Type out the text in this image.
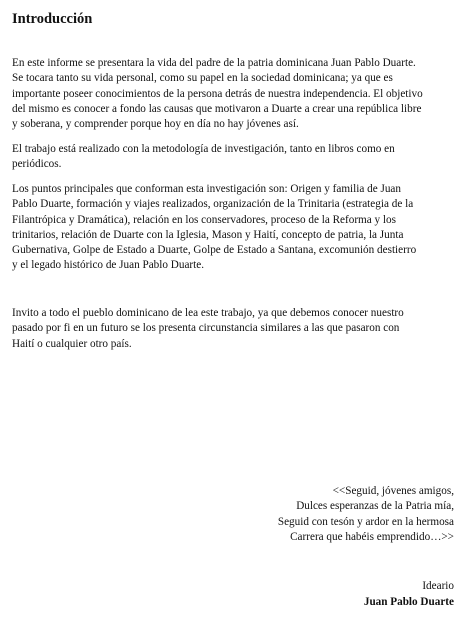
Introducción
En este informe se presentara la vida del padre de la patria dominicana Juan Pablo Duarte.
Se tocara tanto su vida personal, como su papel en la sociedad dominicana; ya que es
importante poseer conocimientos de la persona detrás de nuestra independencia. El objetivo
del mismo es conocer a fondo las causas que motivaron a Duarte a crear una república libre
y soberana, y comprender porque hoy en día no hay jóvenes así.
El trabajo está realizado con la metodología de investigación, tanto en libros como en
periódicos.
Los puntos principales que conforman esta investigación son: Origen y familia de Juan
Pablo Duarte, formación y viajes realizados, organización de la Trinitaria (estrategia de la
Filantrópica y Dramática), relación en los conservadores, proceso de la Reforma y los
trinitarios, relación de Duarte con la Iglesia, Mason y Haití, concepto de patria, la Junta
Gubernativa, Golpe de Estado a Duarte, Golpe de Estado a Santana, excomunión destierro
y el legado histórico de Juan Pablo Duarte.
Invito a todo el pueblo dominicano de lea este trabajo, ya que debemos conocer nuestro
pasado por fi en un futuro se los presenta circunstancia similares a las que pasaron con
Haití o cualquier otro país.
<<Seguid, jóvenes amigos,
Dulces esperanzas de la Patria mía,
Seguid con tesón y ardor en la hermosa
Carrera que habéis emprendido…>>
Ideario
Juan Pablo Duarte
